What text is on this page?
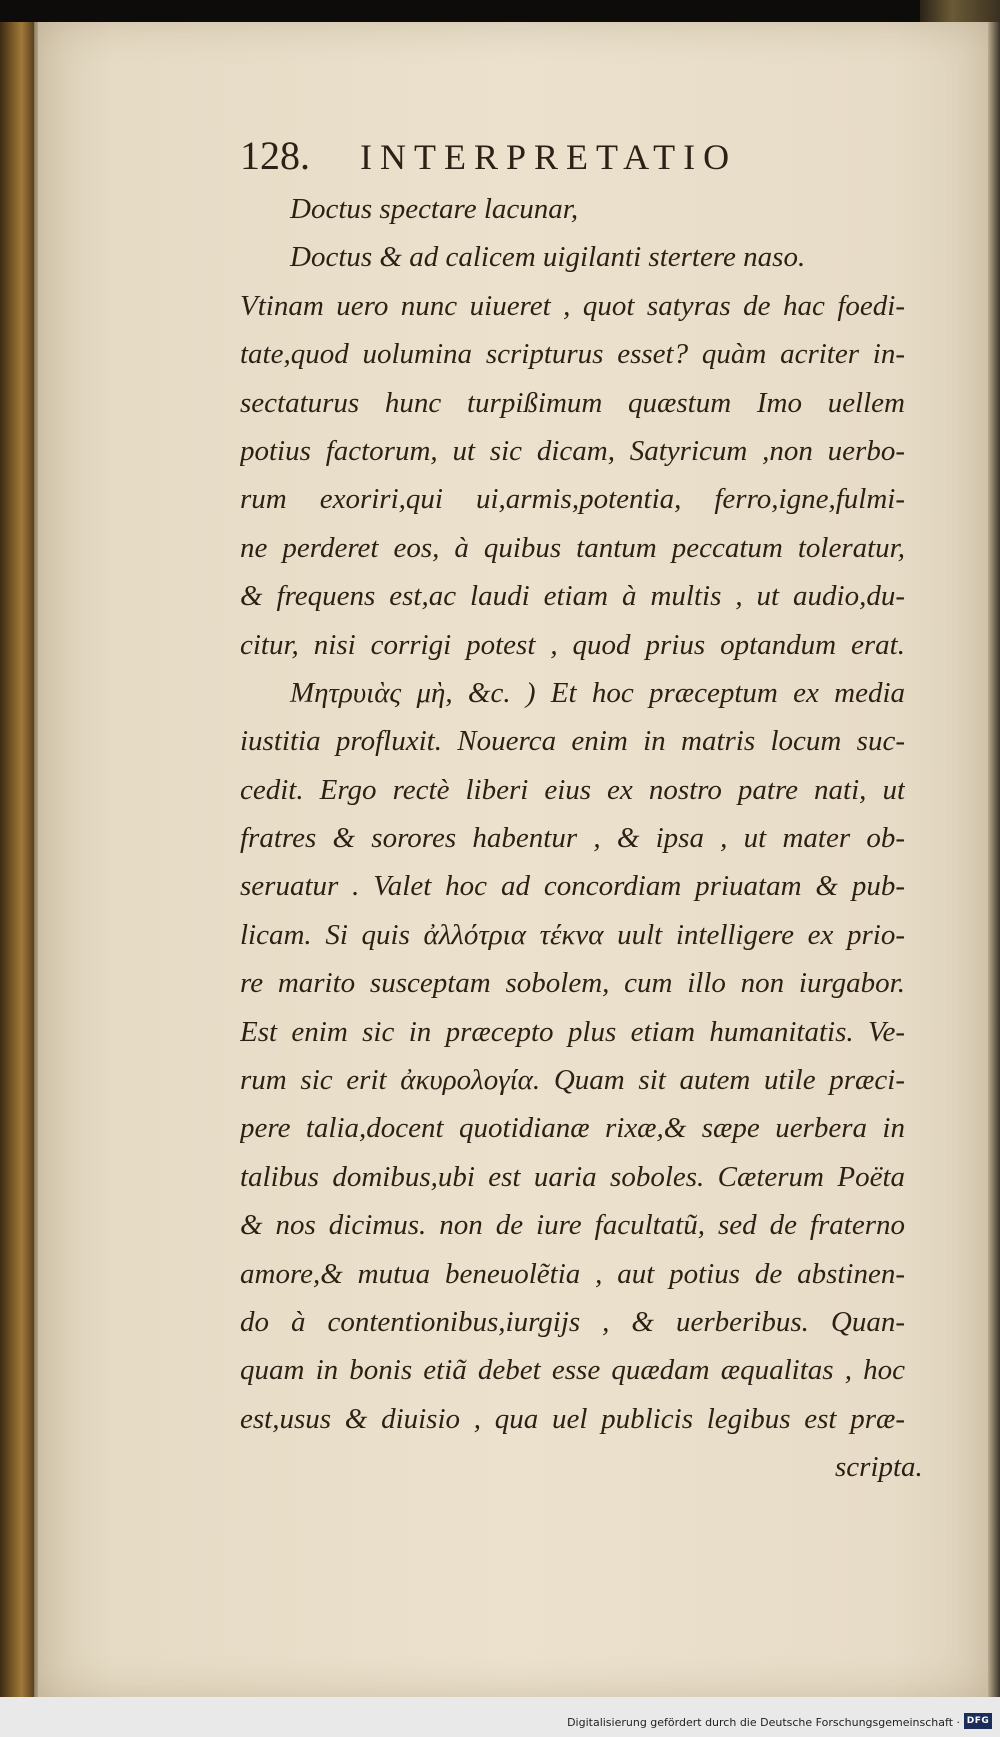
128. INTERPRETATIO
Doctus spectare lacunar,
Doctus & ad calicem uigilanti stertere naso.
Vtinam uero nunc uiueret , quot satyras de hac foedi-
tate,quod uolumina scripturus esset? quàm acriter in-
sectaturus hunc turpißimum quæstum Imo uellem
potius factorum, ut sic dicam, Satyricum ,non uerbo-
rum exoriri,qui ui,armis,potentia, ferro,igne,fulmi-
ne perderet eos, à quibus tantum peccatum toleratur,
& frequens est,ac laudi etiam à multis , ut audio,du-
citur, nisi corrigi potest , quod prius optandum erat.
Μητρυιὰς μὴ, &c. ) Et hoc præceptum ex media
iustitia profluxit. Nouerca enim in matris locum suc-
cedit. Ergo rectè liberi eius ex nostro patre nati, ut
fratres & sorores habentur , & ipsa , ut mater ob-
seruatur . Valet hoc ad concordiam priuatam & pub-
licam. Si quis ἀλλότρια τέκνα uult intelligere ex prio-
re marito susceptam sobolem, cum illo non iurgabor.
Est enim sic in præcepto plus etiam humanitatis. Ve-
rum sic erit ἀκυρολογία. Quam sit autem utile præci-
pere talia,docent quotidianæ rixæ,& sæpe uerbera in
talibus domibus,ubi est uaria soboles. Cæterum Poëta
& nos dicimus. non de iure facultatũ, sed de fraterno
amore,& mutua beneuolẽtia , aut potius de abstinen-
do à contentionibus,iurgijs , & uerberibus. Quan-
quam in bonis etiã debet esse quædam æqualitas , hoc
est,usus & diuisio , qua uel publicis legibus est præ-
scripta.
Digitalisierung gefördert durch die Deutsche Forschungsgemeinschaft · DFG
